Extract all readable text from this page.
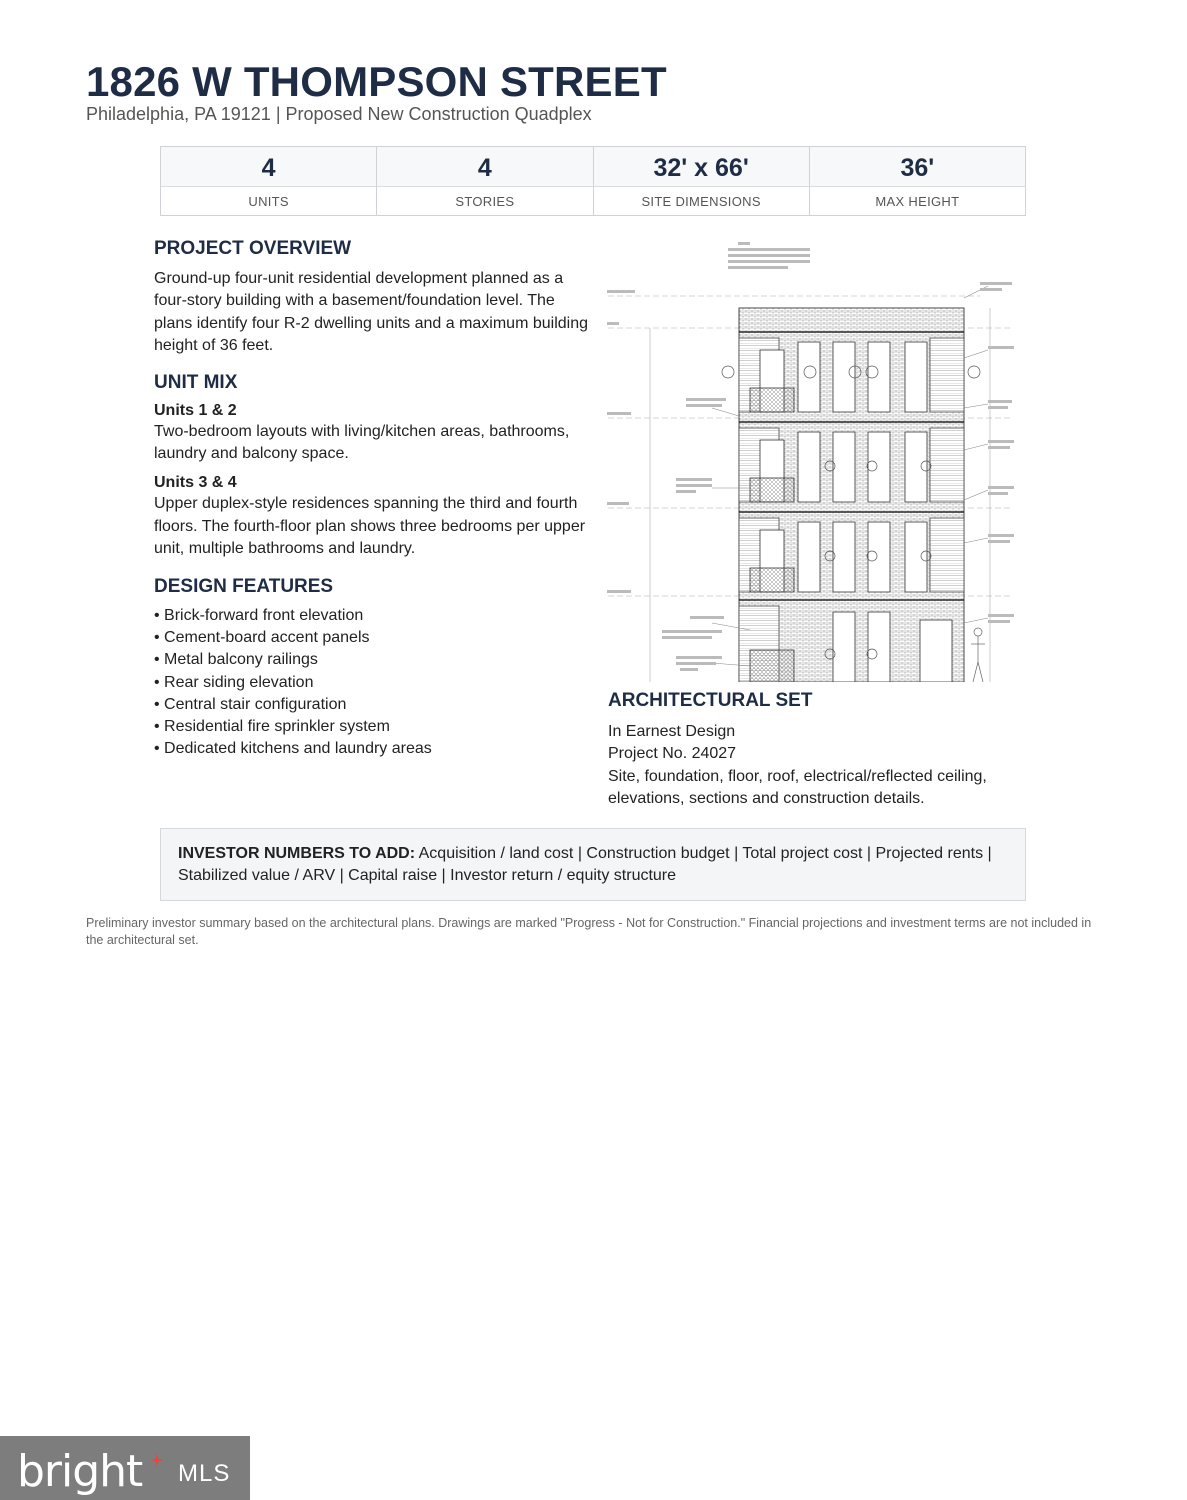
1826 W THOMPSON STREET
Philadelphia, PA 19121 | Proposed New Construction Quadplex
4
UNITS
4
STORIES
32' x 66'
SITE DIMENSIONS
36'
MAX HEIGHT
PROJECT OVERVIEW
Ground-up four-unit residential development planned as a four-story building with a basement/foundation level. The plans identify four R-2 dwelling units and a maximum building height of 36 feet.
UNIT MIX
Units 1 & 2
Two-bedroom layouts with living/kitchen areas, bathrooms, laundry and balcony space.
Units 3 & 4
Upper duplex-style residences spanning the third and fourth floors. The fourth-floor plan shows three bedrooms per upper unit, multiple bathrooms and laundry.
DESIGN FEATURES
• Brick-forward front elevation
• Cement-board accent panels
• Metal balcony railings
• Rear siding elevation
• Central stair configuration
• Residential fire sprinkler system
• Dedicated kitchens and laundry areas
ARCHITECTURAL SET
In Earnest Design
Project No. 24027
Site, foundation, floor, roof, electrical/reflected ceiling, elevations, sections and construction details.
INVESTOR NUMBERS TO ADD: Acquisition / land cost | Construction budget | Total project cost | Projected rents | Stabilized value / ARV | Capital raise | Investor return / equity structure
Preliminary investor summary based on the architectural plans. Drawings are marked "Progress - Not for Construction." Financial projections and investment terms are not included in the architectural set.
bright MLS
